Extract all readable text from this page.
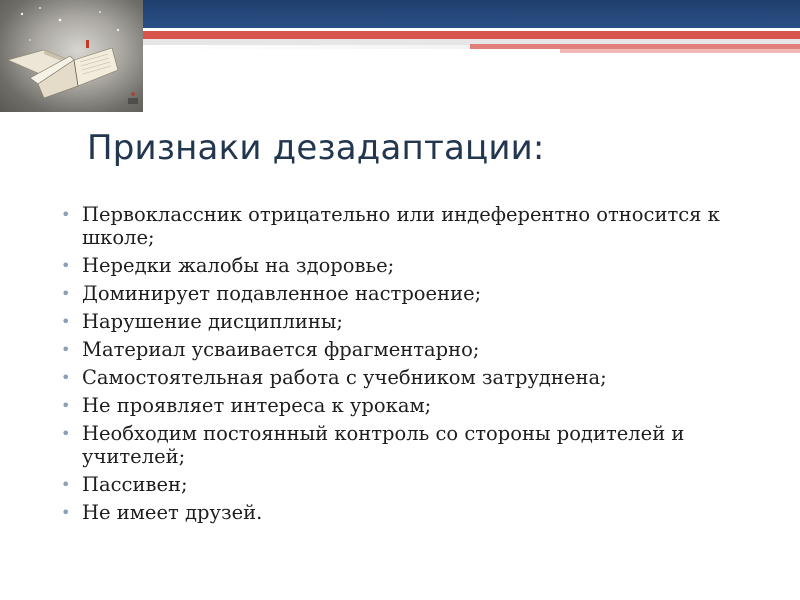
Признаки дезадаптации:
• Первоклассник отрицательно или индеферентно относится к школе;
• Нередки жалобы на здоровье;
• Доминирует подавленное настроение;
• Нарушение дисциплины;
• Материал усваивается фрагментарно;
• Самостоятельная работа с учебником затруднена;
• Не проявляет интереса к урокам;
• Необходим постоянный контроль со стороны родителей и учителей;
• Пассивен;
• Не имеет друзей.
